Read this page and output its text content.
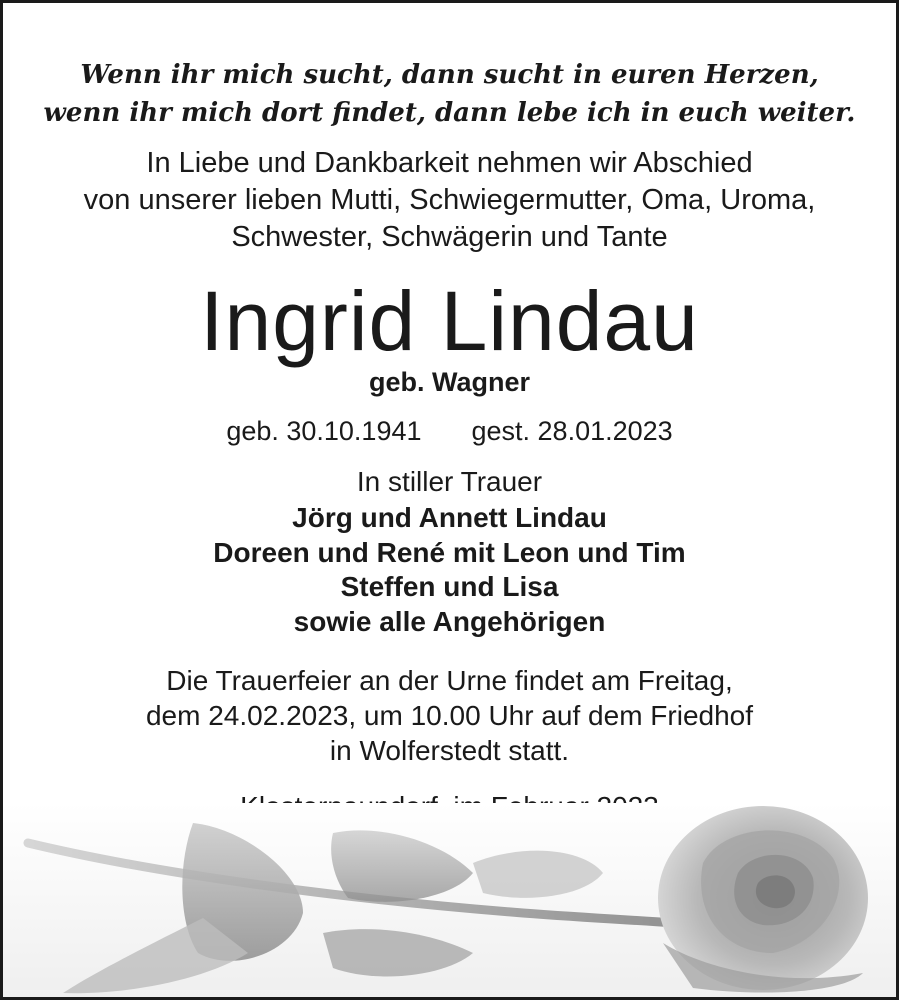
Wenn ihr mich sucht, dann sucht in euren Herzen,
wenn ihr mich dort findet, dann lebe ich in euch weiter.
In Liebe und Dankbarkeit nehmen wir Abschied
von unserer lieben Mutti, Schwiegermutter, Oma, Uroma,
Schwester, Schwägerin und Tante
Ingrid Lindau
geb. Wagner
geb. 30.10.1941 gest. 28.01.2023
In stiller Trauer
Jörg und Annett Lindau
Doreen und René mit Leon und Tim
Steffen und Lisa
sowie alle Angehörigen
Die Trauerfeier an der Urne findet am Freitag,
dem 24.02.2023, um 10.00 Uhr auf dem Friedhof
in Wolferstedt statt.
